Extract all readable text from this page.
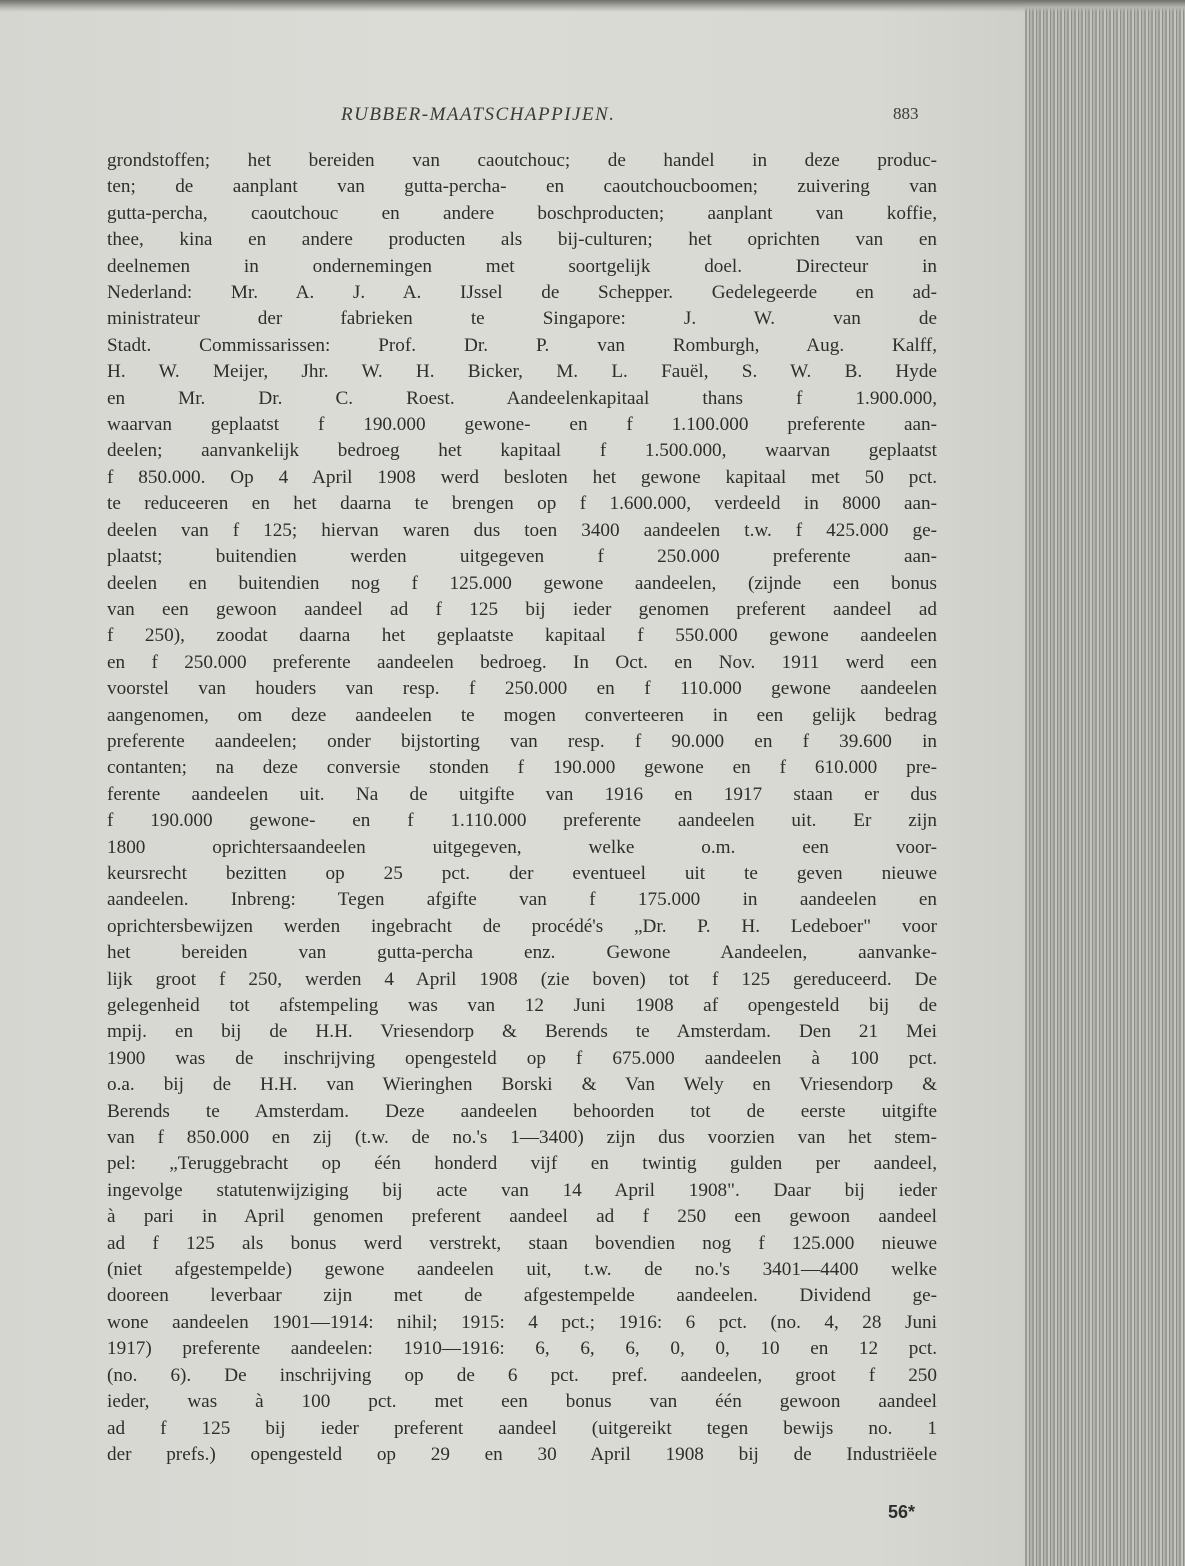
RUBBER-MAATSCHAPPIJEN.	883
grondstoffen; het bereiden van caoutchouc; de handel in deze produc-
ten; de aanplant van gutta-percha- en caoutchoucboomen; zuivering van
gutta-percha, caoutchouc en andere boschproducten; aanplant van koffie,
thee, kina en andere producten als bij-culturen; het oprichten van en
deelnemen in ondernemingen met soortgelijk doel. Directeur in
Nederland: Mr. A. J. A. IJssel de Schepper. Gedelegeerde en ad-
ministrateur der fabrieken te Singapore: J. W. van de
Stadt. Commissarissen: Prof. Dr. P. van Romburgh, Aug. Kalff,
H. W. Meijer, Jhr. W. H. Bicker, M. L. Fauël, S. W. B. Hyde
en Mr. Dr. C. Roest. Aandeelenkapitaal thans f 1.900.000,
waarvan geplaatst f 190.000 gewone- en f 1.100.000 preferente aan-
deelen; aanvankelijk bedroeg het kapitaal f 1.500.000, waarvan geplaatst
f 850.000. Op 4 April 1908 werd besloten het gewone kapitaal met 50 pct.
te reduceeren en het daarna te brengen op f 1.600.000, verdeeld in 8000 aan-
deelen van f 125; hiervan waren dus toen 3400 aandeelen t.w. f 425.000 ge-
plaatst; buitendien werden uitgegeven f 250.000 preferente aan-
deelen en buitendien nog f 125.000 gewone aandeelen, (zijnde een bonus
van een gewoon aandeel ad f 125 bij ieder genomen preferent aandeel ad
f 250), zoodat daarna het geplaatste kapitaal f 550.000 gewone aandeelen
en f 250.000 preferente aandeelen bedroeg. In Oct. en Nov. 1911 werd een
voorstel van houders van resp. f 250.000 en f 110.000 gewone aandeelen
aangenomen, om deze aandeelen te mogen converteeren in een gelijk bedrag
preferente aandeelen; onder bijstorting van resp. f 90.000 en f 39.600 in
contanten; na deze conversie stonden f 190.000 gewone en f 610.000 pre-
ferente aandeelen uit. Na de uitgifte van 1916 en 1917 staan er dus
f 190.000 gewone- en f 1.110.000 preferente aandeelen uit. Er zijn
1800 oprichtersaandeelen uitgegeven, welke o.m. een voor-
keursrecht bezitten op 25 pct. der eventueel uit te geven nieuwe
aandeelen. Inbreng: Tegen afgifte van f 175.000 in aandeelen en
oprichtersbewijzen werden ingebracht de procédé's „Dr. P. H. Ledeboer" voor
het bereiden van gutta-percha enz. Gewone Aandeelen, aanvanke-
lijk groot f 250, werden 4 April 1908 (zie boven) tot f 125 gereduceerd. De
gelegenheid tot afstempeling was van 12 Juni 1908 af opengesteld bij de
mpij. en bij de H.H. Vriesendorp & Berends te Amsterdam. Den 21 Mei
1900 was de inschrijving opengesteld op f 675.000 aandeelen à 100 pct.
o.a. bij de H.H. van Wieringhen Borski & Van Wely en Vriesendorp &
Berends te Amsterdam. Deze aandeelen behoorden tot de eerste uitgifte
van f 850.000 en zij (t.w. de no.'s 1—3400) zijn dus voorzien van het stem-
pel: „Teruggebracht op één honderd vijf en twintig gulden per aandeel,
ingevolge statutenwijziging bij acte van 14 April 1908". Daar bij ieder
à pari in April genomen preferent aandeel ad f 250 een gewoon aandeel
ad f 125 als bonus werd verstrekt, staan bovendien nog f 125.000 nieuwe
(niet afgestempelde) gewone aandeelen uit, t.w. de no.'s 3401—4400 welke
dooreen leverbaar zijn met de afgestempelde aandeelen. Dividend ge-
wone aandeelen 1901—1914: nihil; 1915: 4 pct.; 1916: 6 pct. (no. 4, 28 Juni
1917) preferente aandeelen: 1910—1916: 6, 6, 6, 0, 0, 10 en 12 pct.
(no. 6). De inschrijving op de 6 pct. pref. aandeelen, groot f 250
ieder, was à 100 pct. met een bonus van één gewoon aandeel
ad f 125 bij ieder preferent aandeel (uitgereikt tegen bewijs no. 1
der prefs.) opengesteld op 29 en 30 April 1908 bij de Industriëele
56*
